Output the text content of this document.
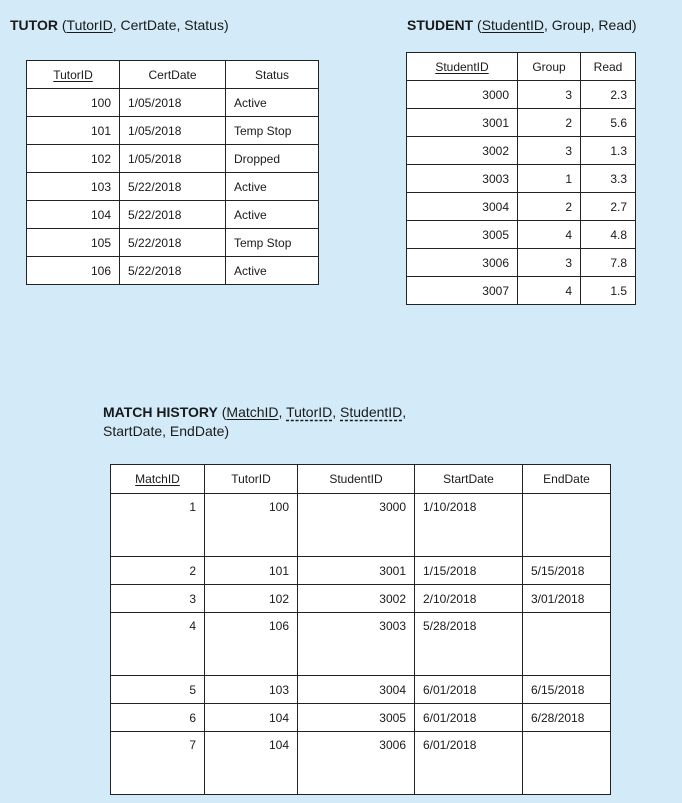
TUTOR (TutorID, CertDate, Status)	STUDENT (StudentID, Group, Read)
TutorID	CertDate	Status
100	1/05/2018	Active
101	1/05/2018	Temp Stop
102	1/05/2018	Dropped
103	5/22/2018	Active
104	5/22/2018	Active
105	5/22/2018	Temp Stop
106	5/22/2018	Active
StudentID	Group	Read
3000	3	2.3
3001	2	5.6
3002	3	1.3
3003	1	3.3
3004	2	2.7
3005	4	4.8
3006	3	7.8
3007	4	1.5
MATCH HISTORY (MatchID, TutorID, StudentID,
StartDate, EndDate)
MatchID	TutorID	StudentID	StartDate	EndDate
1	100	3000	1/10/2018	
2	101	3001	1/15/2018	5/15/2018
3	102	3002	2/10/2018	3/01/2018
4	106	3003	5/28/2018	
5	103	3004	6/01/2018	6/15/2018
6	104	3005	6/01/2018	6/28/2018
7	104	3006	6/01/2018	
